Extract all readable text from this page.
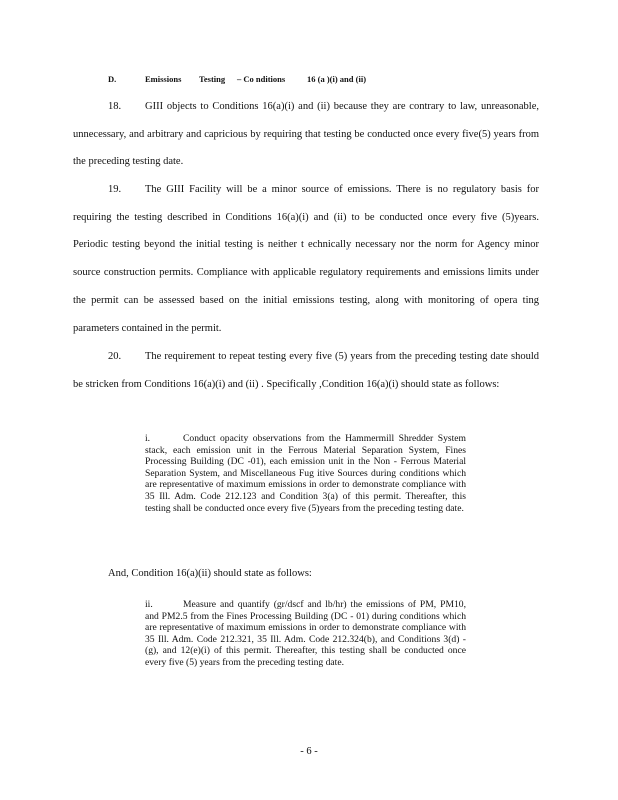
D.	Emissions Testing – Co nditions	16 (a )(i) and (ii)

18. GIII objects to Conditions 16(a)(i) and (ii) because they are contrary to law, unreasonable, unnecessary, and arbitrary and capricious by requiring that testing be conducted once every five(5) years from the preceding testing date.

19. The GIII Facility will be a minor source of emissions. There is no regulatory basis for requiring the testing described in Conditions 16(a)(i) and (ii) to be conducted once every five (5)years. Periodic testing beyond the initial testing is neither t echnically necessary nor the norm for Agency minor source construction permits. Compliance with applicable regulatory requirements and emissions limits under the permit can be assessed based on the initial emissions testing, along with monitoring of opera ting parameters contained in the permit.

20. The requirement to repeat testing every five (5) years from the preceding testing date should be stricken from Conditions 16(a)(i) and (ii) . Specifically ,Condition 16(a)(i) should state as follows:

i.	Conduct opacity observations from the Hammermill Shredder System stack, each emission unit in the Ferrous Material Separation System, Fines Processing Building (DC -01), each emission unit in the Non - Ferrous Material Separation System, and Miscellaneous Fug itive Sources during conditions which are representative of maximum emissions in order to demonstrate compliance with 35 Ill. Adm. Code 212.123 and Condition 3(a) of this permit. Thereafter, this testing shall be conducted once every five (5)years from the preceding testing date.

And, Condition 16(a)(ii) should state as follows:

ii.	Measure and quantify (gr/dscf and lb/hr) the emissions of PM, PM10, and PM2.5 from the Fines Processing Building (DC - 01) during conditions which are representative of maximum emissions in order to demonstrate compliance with 35 Ill. Adm. Code 212.321, 35 Ill. Adm. Code 212.324(b), and Conditions 3(d) - (g), and 12(e)(i) of this permit. Thereafter, this testing shall be conducted once every five (5) years from the preceding testing date.

- 6 -
